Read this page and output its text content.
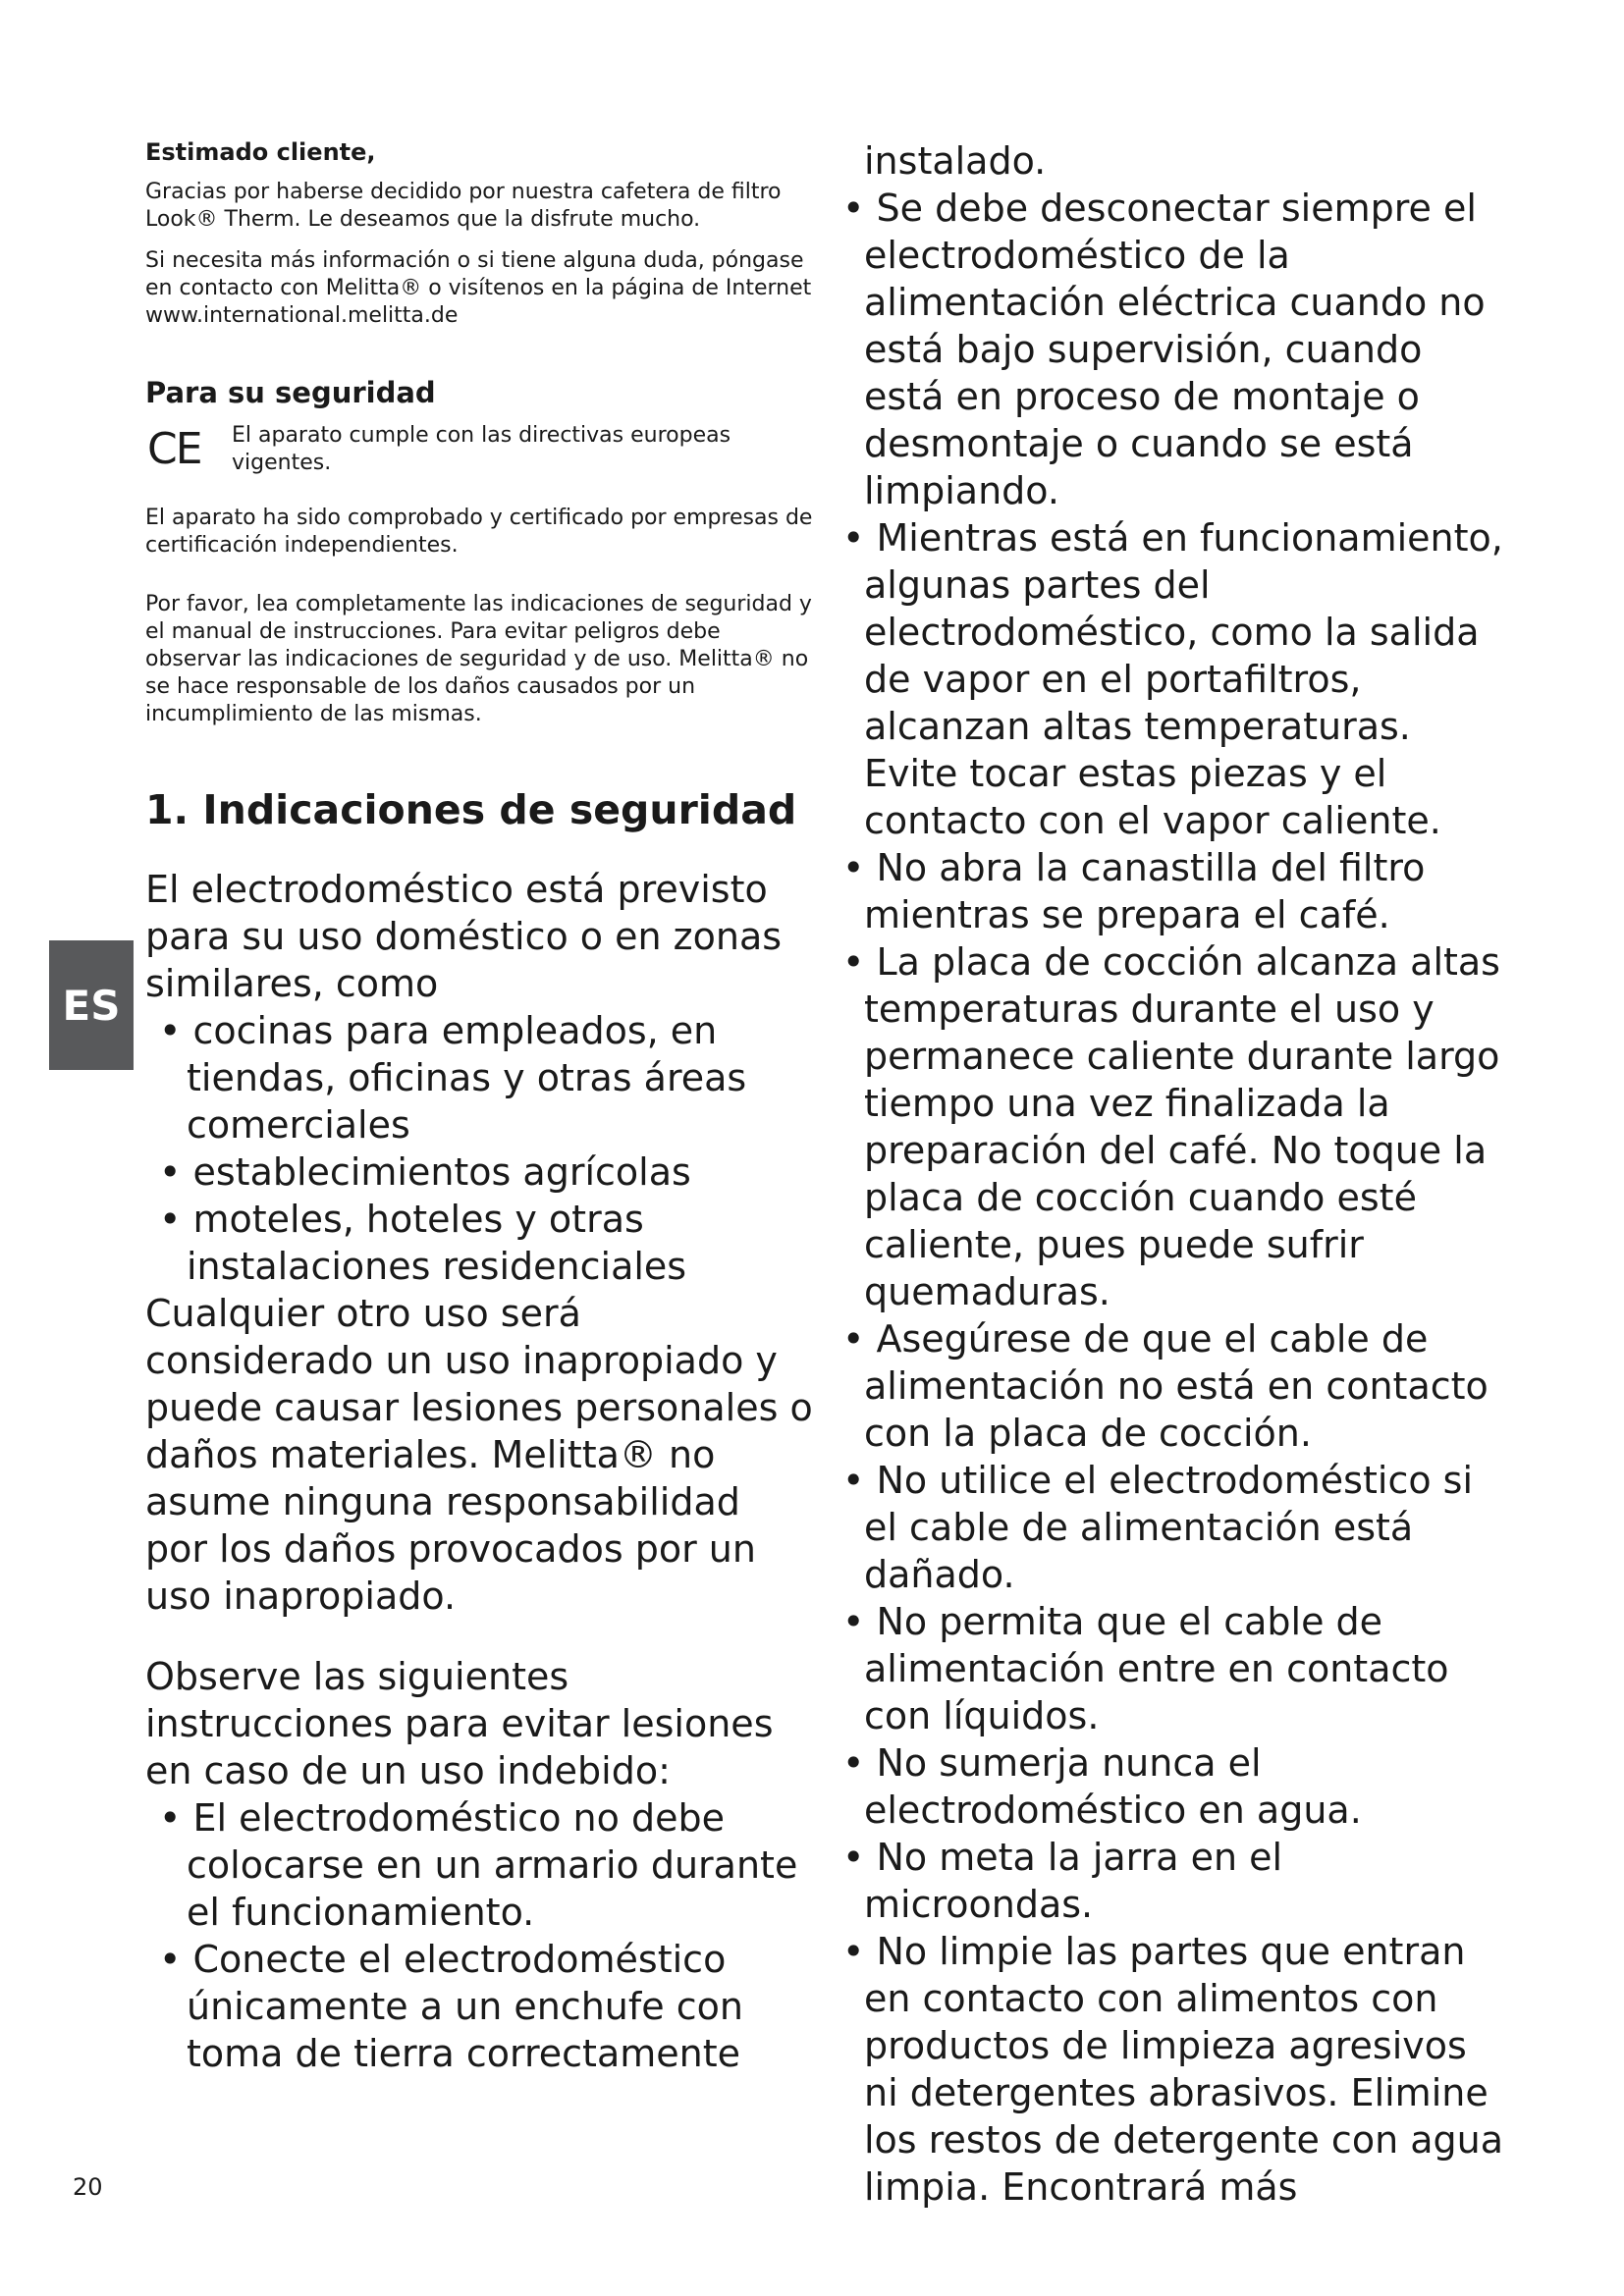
ES

Estimado cliente,

Gracias por haberse decidido por nuestra cafetera de filtro Look® Therm. Le deseamos que la disfrute mucho.

Si necesita más información o si tiene alguna duda, póngase en contacto con Melitta® o visítenos en la página de Internet www.international.melitta.de

Para su seguridad

CE	El aparato cumple con las directivas europeas vigentes.

El aparato ha sido comprobado y certificado por empresas de certificación independientes.

Por favor, lea completamente las indicaciones de seguridad y el manual de instrucciones. Para evitar peligros debe observar las indicaciones de seguridad y de uso. Melitta® no se hace responsable de los daños causados por un incumplimiento de las mismas.

1. Indicaciones de seguridad

El electrodoméstico está previsto para su uso doméstico o en zonas similares, como

• cocinas para empleados, en tiendas, oficinas y otras áreas comerciales

• establecimientos agrícolas

• moteles, hoteles y otras instalaciones residenciales

Cualquier otro uso será considerado un uso inapropiado y puede causar lesiones personales o daños materiales. Melitta® no asume ninguna responsabilidad por los daños provocados por un uso inapropiado.

Observe las siguientes instrucciones para evitar lesiones en caso de un uso indebido:

• El electrodoméstico no debe colocarse en un armario durante el funcionamiento.

• Conecte el electrodoméstico únicamente a un enchufe con toma de tierra correctamente

instalado.

• Se debe desconectar siempre el electrodoméstico de la alimentación eléctrica cuando no está bajo supervisión, cuando está en proceso de montaje o desmontaje o cuando se está limpiando.

• Mientras está en funcionamiento, algunas partes del electrodoméstico, como la salida de vapor en el portafiltros, alcanzan altas temperaturas. Evite tocar estas piezas y el contacto con el vapor caliente.

• No abra la canastilla del filtro mientras se prepara el café.

• La placa de cocción alcanza altas temperaturas durante el uso y permanece caliente durante largo tiempo una vez finalizada la preparación del café. No toque la placa de cocción cuando esté caliente, pues puede sufrir quemaduras.

• Asegúrese de que el cable de alimentación no está en contacto con la placa de cocción.

• No utilice el electrodoméstico si el cable de alimentación está dañado.

• No permita que el cable de alimentación entre en contacto con líquidos.

• No sumerja nunca el electrodoméstico en agua.

• No meta la jarra en el microondas.

• No limpie las partes que entran en contacto con alimentos con productos de limpieza agresivos ni detergentes abrasivos. Elimine los restos de detergente con agua limpia. Encontrará más

20
